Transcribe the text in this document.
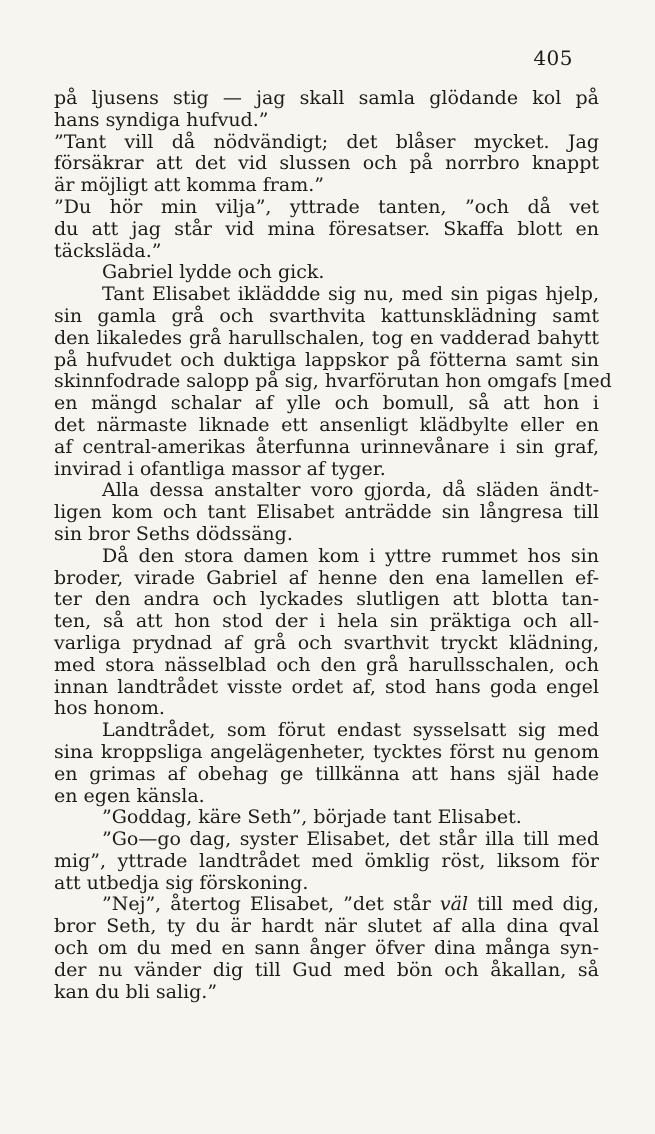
405
på ljusens stig — jag skall samla glödande kol på
hans syndiga hufvud.”
”Tant vill då nödvändigt; det blåser mycket. Jag
försäkrar att det vid slussen och på norrbro knappt
är möjligt att komma fram.”
”Du hör min vilja”, yttrade tanten, ”och då vet
du att jag står vid mina föresatser. Skaffa blott en
täcksläda.”
Gabriel lydde och gick.
Tant Elisabet ikläddde sig nu, med sin pigas hjelp,
sin gamla grå och svarthvita kattunsklädning samt
den likaledes grå harullschalen, tog en vadderad bahytt
på hufvudet och duktiga lappskor på fötterna samt sin
skinnfodrade salopp på sig, hvarförutan hon omgafs [med
en mängd schalar af ylle och bomull, så att hon i
det närmaste liknade ett ansenligt klädbylte eller en
af central-amerikas återfunna urinnevånare i sin graf,
invirad i ofantliga massor af tyger.
Alla dessa anstalter voro gjorda, då släden ändt-
ligen kom och tant Elisabet anträdde sin långresa till
sin bror Seths dödssäng.
Då den stora damen kom i yttre rummet hos sin
broder, virade Gabriel af henne den ena lamellen ef-
ter den andra och lyckades slutligen att blotta tan-
ten, så att hon stod der i hela sin präktiga och all-
varliga prydnad af grå och svarthvit tryckt klädning,
med stora nässelblad och den grå harullsschalen, och
innan landtrådet visste ordet af, stod hans goda engel
hos honom.
Landtrådet, som förut endast sysselsatt sig med
sina kroppsliga angelägenheter, tycktes först nu genom
en grimas af obehag ge tillkänna att hans själ hade
en egen känsla.
”Goddag, käre Seth”, började tant Elisabet.
”Go—go dag, syster Elisabet, det står illa till med
mig”, yttrade landtrådet med ömklig röst, liksom för
att utbedja sig förskoning.
”Nej”, återtog Elisabet, ”det står väl till med dig,
bror Seth, ty du är hardt när slutet af alla dina qval
och om du med en sann ånger öfver dina många syn-
der nu vänder dig till Gud med bön och åkallan, så
kan du bli salig.”
